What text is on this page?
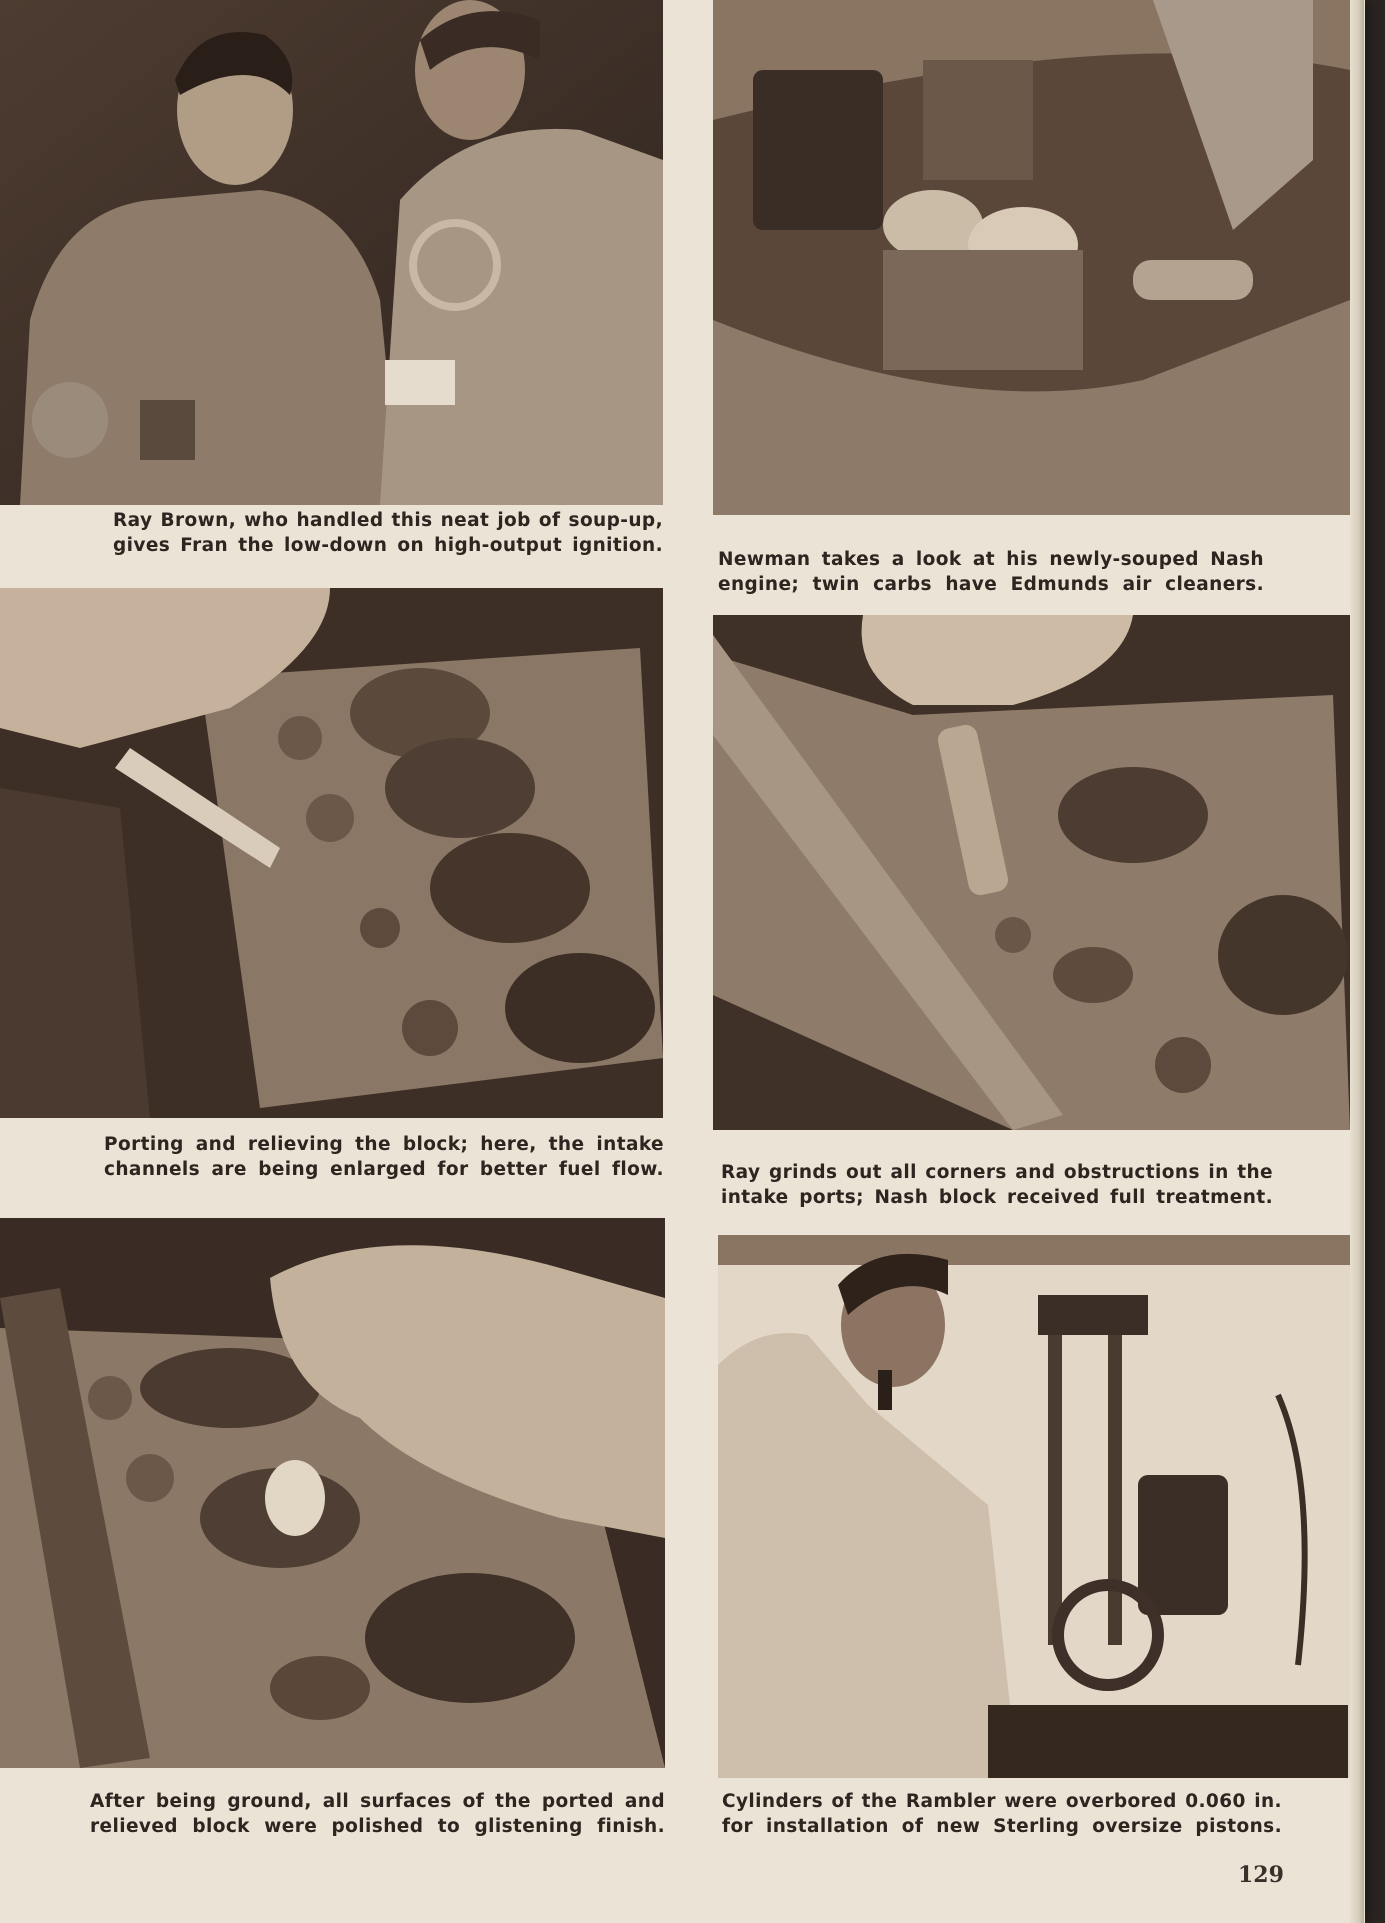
Ray Brown, who handled this neat job of soup-up,
gives Fran the low-down on high-output ignition.
Newman takes a look at his newly-souped Nash
engine; twin carbs have Edmunds air cleaners.
Porting and relieving the block; here, the intake
channels are being enlarged for better fuel flow.	Ray grinds out all corners and obstructions in the
intake ports; Nash block received full treatment.
After being ground, all surfaces of the ported and
relieved block were polished to glistening finish.
Cylinders of the Rambler were overbored 0.060 in.
for installation of new Sterling oversize pistons.
129
